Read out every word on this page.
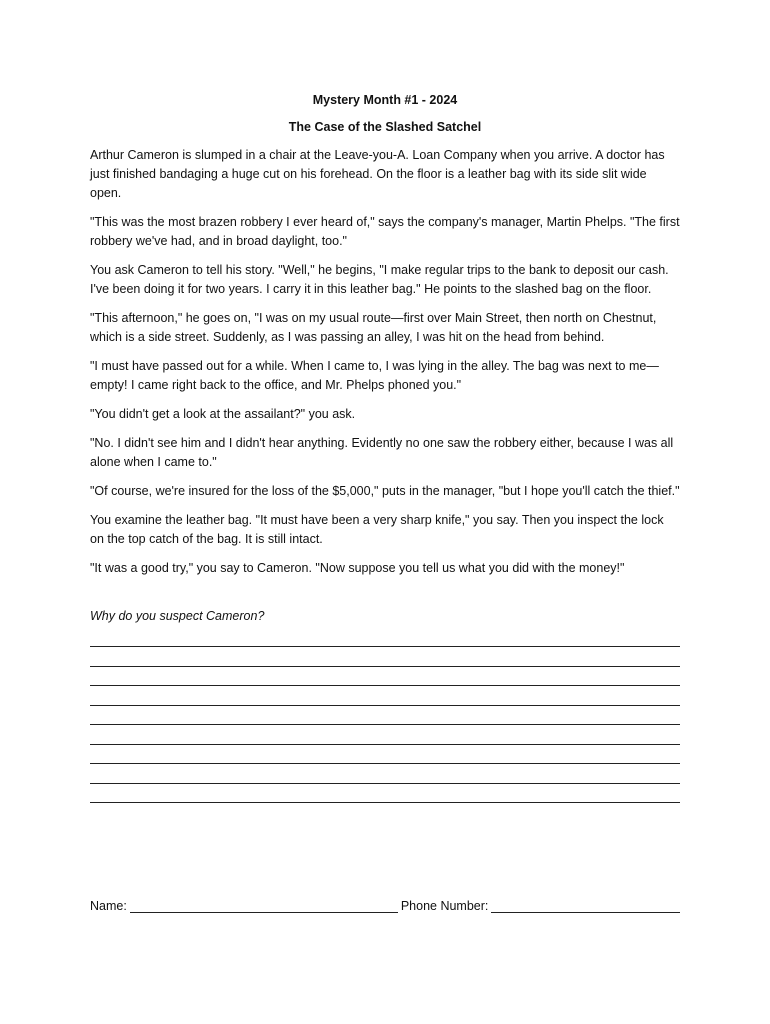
Mystery Month #1 - 2024

The Case of the Slashed Satchel

Arthur Cameron is slumped in a chair at the Leave-you-A. Loan Company when you arrive. A doctor has just finished bandaging a huge cut on his forehead. On the floor is a leather bag with its side slit wide open.

"This was the most brazen robbery I ever heard of," says the company's manager, Martin Phelps. "The first robbery we've had, and in broad daylight, too."

You ask Cameron to tell his story. "Well," he begins, "I make regular trips to the bank to deposit our cash. I've been doing it for two years. I carry it in this leather bag." He points to the slashed bag on the floor.

"This afternoon," he goes on, "I was on my usual route—first over Main Street, then north on Chestnut, which is a side street. Suddenly, as I was passing an alley, I was hit on the head from behind.

"I must have passed out for a while. When I came to, I was lying in the alley. The bag was next to me—empty! I came right back to the office, and Mr. Phelps phoned you."

"You didn't get a look at the assailant?" you ask.

"No. I didn't see him and I didn't hear anything. Evidently no one saw the robbery either, because I was all alone when I came to."

"Of course, we're insured for the loss of the $5,000," puts in the manager, "but I hope you'll catch the thief."

You examine the leather bag. "It must have been a very sharp knife," you say. Then you inspect the lock on the top catch of the bag. It is still intact.

"It was a good try," you say to Cameron. "Now suppose you tell us what you did with the money!"

Why do you suspect Cameron?

Name:	Phone Number:
